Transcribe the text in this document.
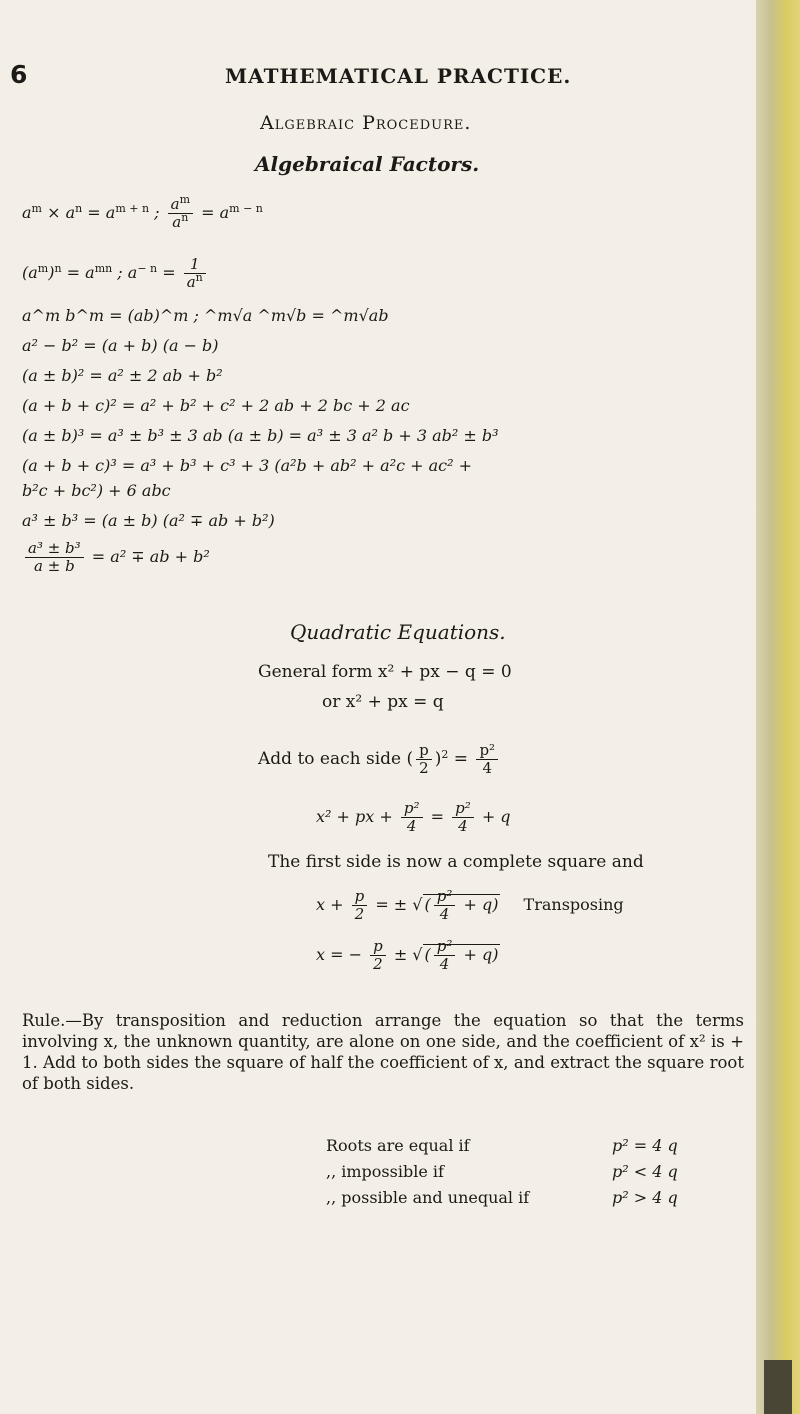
6	MATHEMATICAL PRACTICE.
Algebraic Procedure.
Algebraical Factors.
$a^m \times a^n = a^{m + n}$ ; $\frac{a^m}{a^n} = a^{m - n}$
$(a^m)^n = a^{mn}$ ; $a^{- n} = \frac{1}{a^n}$
a^m b^m = (ab)^m ; ^m√a ^m√b = ^m√ab
a² − b² = (a + b) (a − b)
(a ± b)² = a² ± 2 ab + b²
(a + b + c)² = a² + b² + c² + 2 ab + 2 bc + 2 ac
(a ± b)³ = a³ ± b³ ± 3 ab (a ± b) = a³ ± 3 a² b + 3 ab² ± b³
(a + b + c)³ = a³ + b³ + c³ + 3 (a²b + ab² + a²c + ac² +
b²c + bc²) + 6 abc
a³ ± b³ = (a ± b) (a² ∓ ab + b²)
$\frac{\text{a³ ± b³}}{a \pm b} = a^2$ ∓ ab + b²
Quadratic Equations.
General form x² + px − q = 0
or x² + px = q
Add to each side ( $\frac{p}{2} )^2 = \frac{\text{p²}}{4}$
x² + px + $\frac{\text{p²}}{4} = \frac{\text{p²}}{4} + q$
The first side is now a complete square and
$x + \frac{p}{2}$ = ± √ ( $\frac{\text{p²}}{4} + q$) Transposing
x = − $\frac{p}{2}$ ± √ ( $\frac{\text{p²}}{4} + q$)
Rule.—By transposition and reduction arrange the equation so that the terms involving x, the unknown quantity, are alone on one side, and the coefficient of x² is + 1. Add to both sides the square of half the coefficient of x, and extract the square root of both sides.
Roots are equal if	p² = 4 q
,, impossible if	p² < 4 q
,, possible and unequal if	p² > 4 q
